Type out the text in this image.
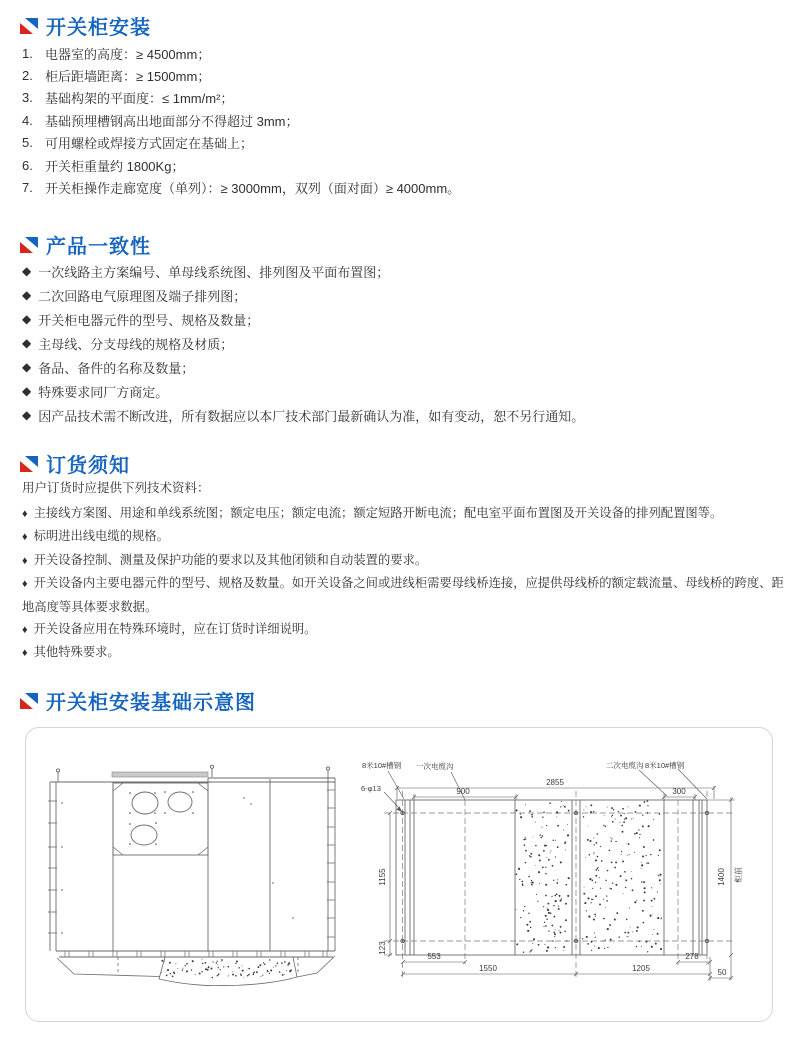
开关柜安装
1. 电器室的高度：≥ 4500mm；
2. 柜后距墙距离：≥ 1500mm；
3. 基础构架的平面度：≤ 1mm/m²；
4. 基础预埋槽钢高出地面部分不得超过 3mm；
5. 可用螺栓或焊接方式固定在基础上；
6. 开关柜重量约 1800Kg；
7. 开关柜操作走廊宽度（单列）：≥ 3000mm，双列（面对面）≥ 4000mm。
产品一致性
◆ 一次线路主方案编号、单母线系统图、排列图及平面布置图；
◆ 二次回路电气原理图及端子排列图；
◆ 开关柜电器元件的型号、规格及数量；
◆ 主母线、分支母线的规格及材质；
◆ 备品、备件的名称及数量；
◆ 特殊要求同厂方商定。
◆ 因产品技术需不断改进，所有数据应以本厂技术部门最新确认为准，如有变动，恕不另行通知。
订货须知
用户订货时应提供下列技术资料：
♦ 主接线方案图、用途和单线系统图；额定电压；额定电流；额定短路开断电流；配电室平面布置图及开关设备的排列配置图等。
♦ 标明进出线电缆的规格。
♦ 开关设备控制、测量及保护功能的要求以及其他闭锁和自动装置的要求。
♦ 开关设备内主要电器元件的型号、规格及数量。如开关设备之间或进线柜需要母线桥连接，应提供母线桥的额定载流量、母线桥的跨度、距地高度等具体要求数据。
♦ 开关设备应用在特殊环境时，应在订货时详细说明。
♦ 其他特殊要求。
开关柜安装基础示意图
8米10#槽钢 一次电缆沟	二次电缆沟 8米10#槽钢
6-φ13
2855
900	300
1155
123
1400 柜前
553
1550	1205
278
50
